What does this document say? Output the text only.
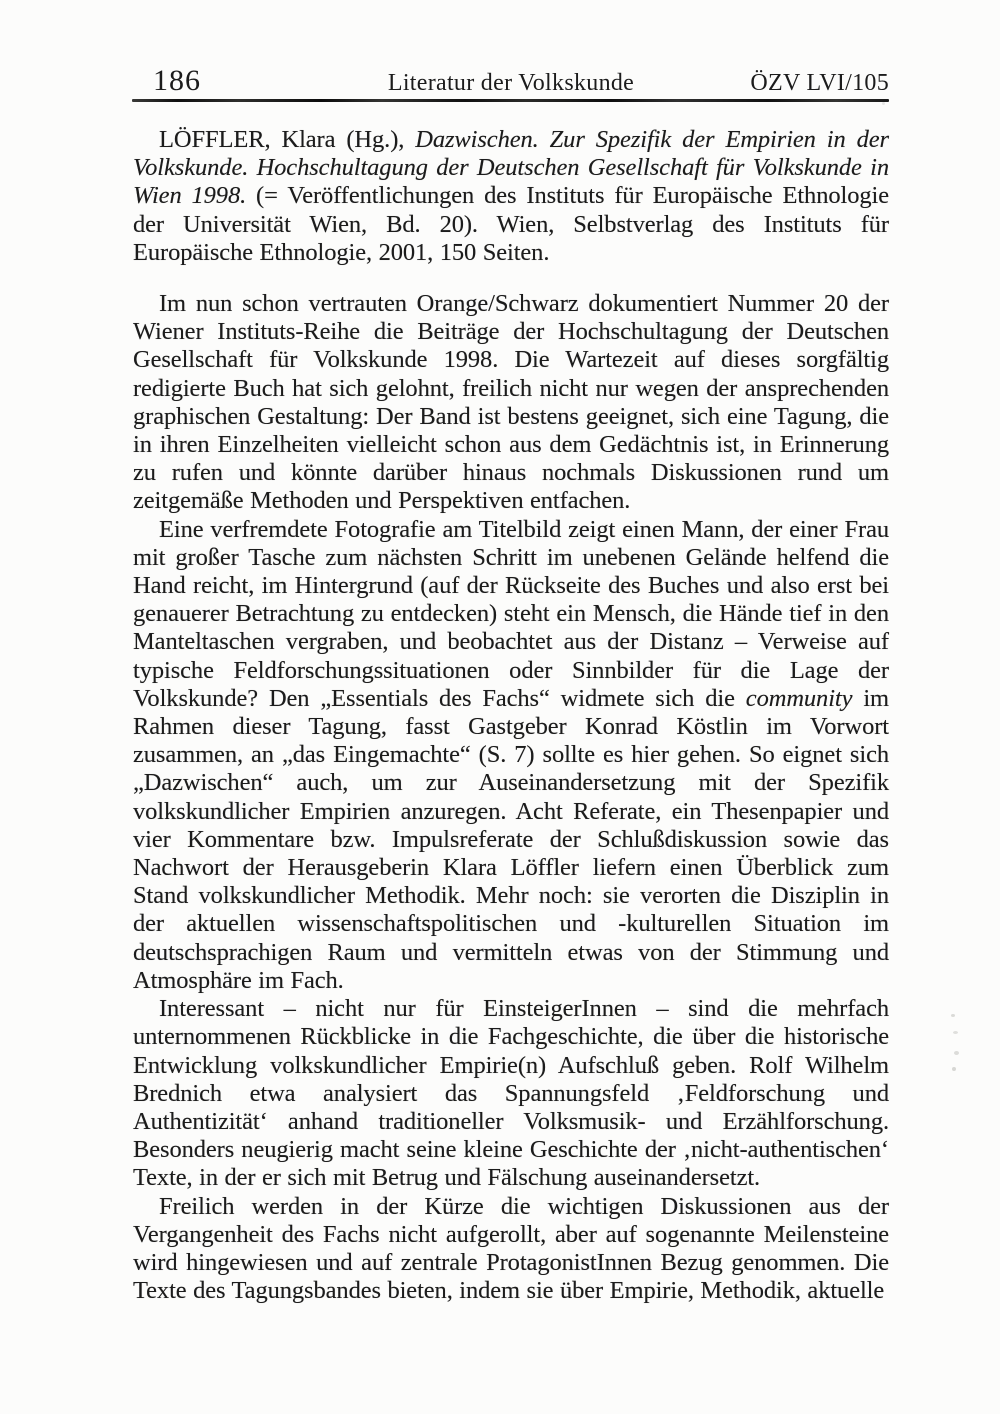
186	Literatur der Volkskunde	ÖZV LVI/105

LÖFFLER, Klara (Hg.), Dazwischen. Zur Spezifik der Empirien in der Volkskunde. Hochschultagung der Deutschen Gesellschaft für Volkskunde in Wien 1998. (= Veröffentlichungen des Instituts für Europäische Ethnologie der Universität Wien, Bd. 20). Wien, Selbstverlag des Instituts für Europäische Ethnologie, 2001, 150 Seiten.

Im nun schon vertrauten Orange/Schwarz dokumentiert Nummer 20 der Wiener Instituts-Reihe die Beiträge der Hochschultagung der Deutschen Gesellschaft für Volkskunde 1998. Die Wartezeit auf dieses sorgfältig redigierte Buch hat sich gelohnt, freilich nicht nur wegen der ansprechenden graphischen Gestaltung: Der Band ist bestens geeignet, sich eine Tagung, die in ihren Einzelheiten vielleicht schon aus dem Gedächtnis ist, in Erinnerung zu rufen und könnte darüber hinaus nochmals Diskussionen rund um zeitgemäße Methoden und Perspektiven entfachen.

Eine verfremdete Fotografie am Titelbild zeigt einen Mann, der einer Frau mit großer Tasche zum nächsten Schritt im unebenen Gelände helfend die Hand reicht, im Hintergrund (auf der Rückseite des Buches und also erst bei genauerer Betrachtung zu entdecken) steht ein Mensch, die Hände tief in den Manteltaschen vergraben, und beobachtet aus der Distanz – Verweise auf typische Feldforschungssituationen oder Sinnbilder für die Lage der Volkskunde? Den „Essentials des Fachs“ widmete sich die community im Rahmen dieser Tagung, fasst Gastgeber Konrad Köstlin im Vorwort zusammen, an „das Eingemachte“ (S. 7) sollte es hier gehen. So eignet sich „Dazwischen“ auch, um zur Auseinandersetzung mit der Spezifik volkskundlicher Empirien anzuregen. Acht Referate, ein Thesenpapier und vier Kommentare bzw. Impulsreferate der Schlußdiskussion sowie das Nachwort der Herausgeberin Klara Löffler liefern einen Überblick zum Stand volkskundlicher Methodik. Mehr noch: sie verorten die Disziplin in der aktuellen wissenschaftspolitischen und -kulturellen Situation im deutschsprachigen Raum und vermitteln etwas von der Stimmung und Atmosphäre im Fach.

Interessant – nicht nur für EinsteigerInnen – sind die mehrfach unternommenen Rückblicke in die Fachgeschichte, die über die historische Entwicklung volkskundlicher Empirie(n) Aufschluß geben. Rolf Wilhelm Brednich etwa analysiert das Spannungsfeld ‚Feldforschung und Authentizität‘ anhand traditioneller Volksmusik- und Erzählforschung. Besonders neugierig macht seine kleine Geschichte der ‚nicht-authentischen‘ Texte, in der er sich mit Betrug und Fälschung auseinandersetzt.

Freilich werden in der Kürze die wichtigen Diskussionen aus der Vergangenheit des Fachs nicht aufgerollt, aber auf sogenannte Meilensteine wird hingewiesen und auf zentrale ProtagonistInnen Bezug genommen. Die Texte des Tagungsbandes bieten, indem sie über Empirie, Methodik, aktuelle
